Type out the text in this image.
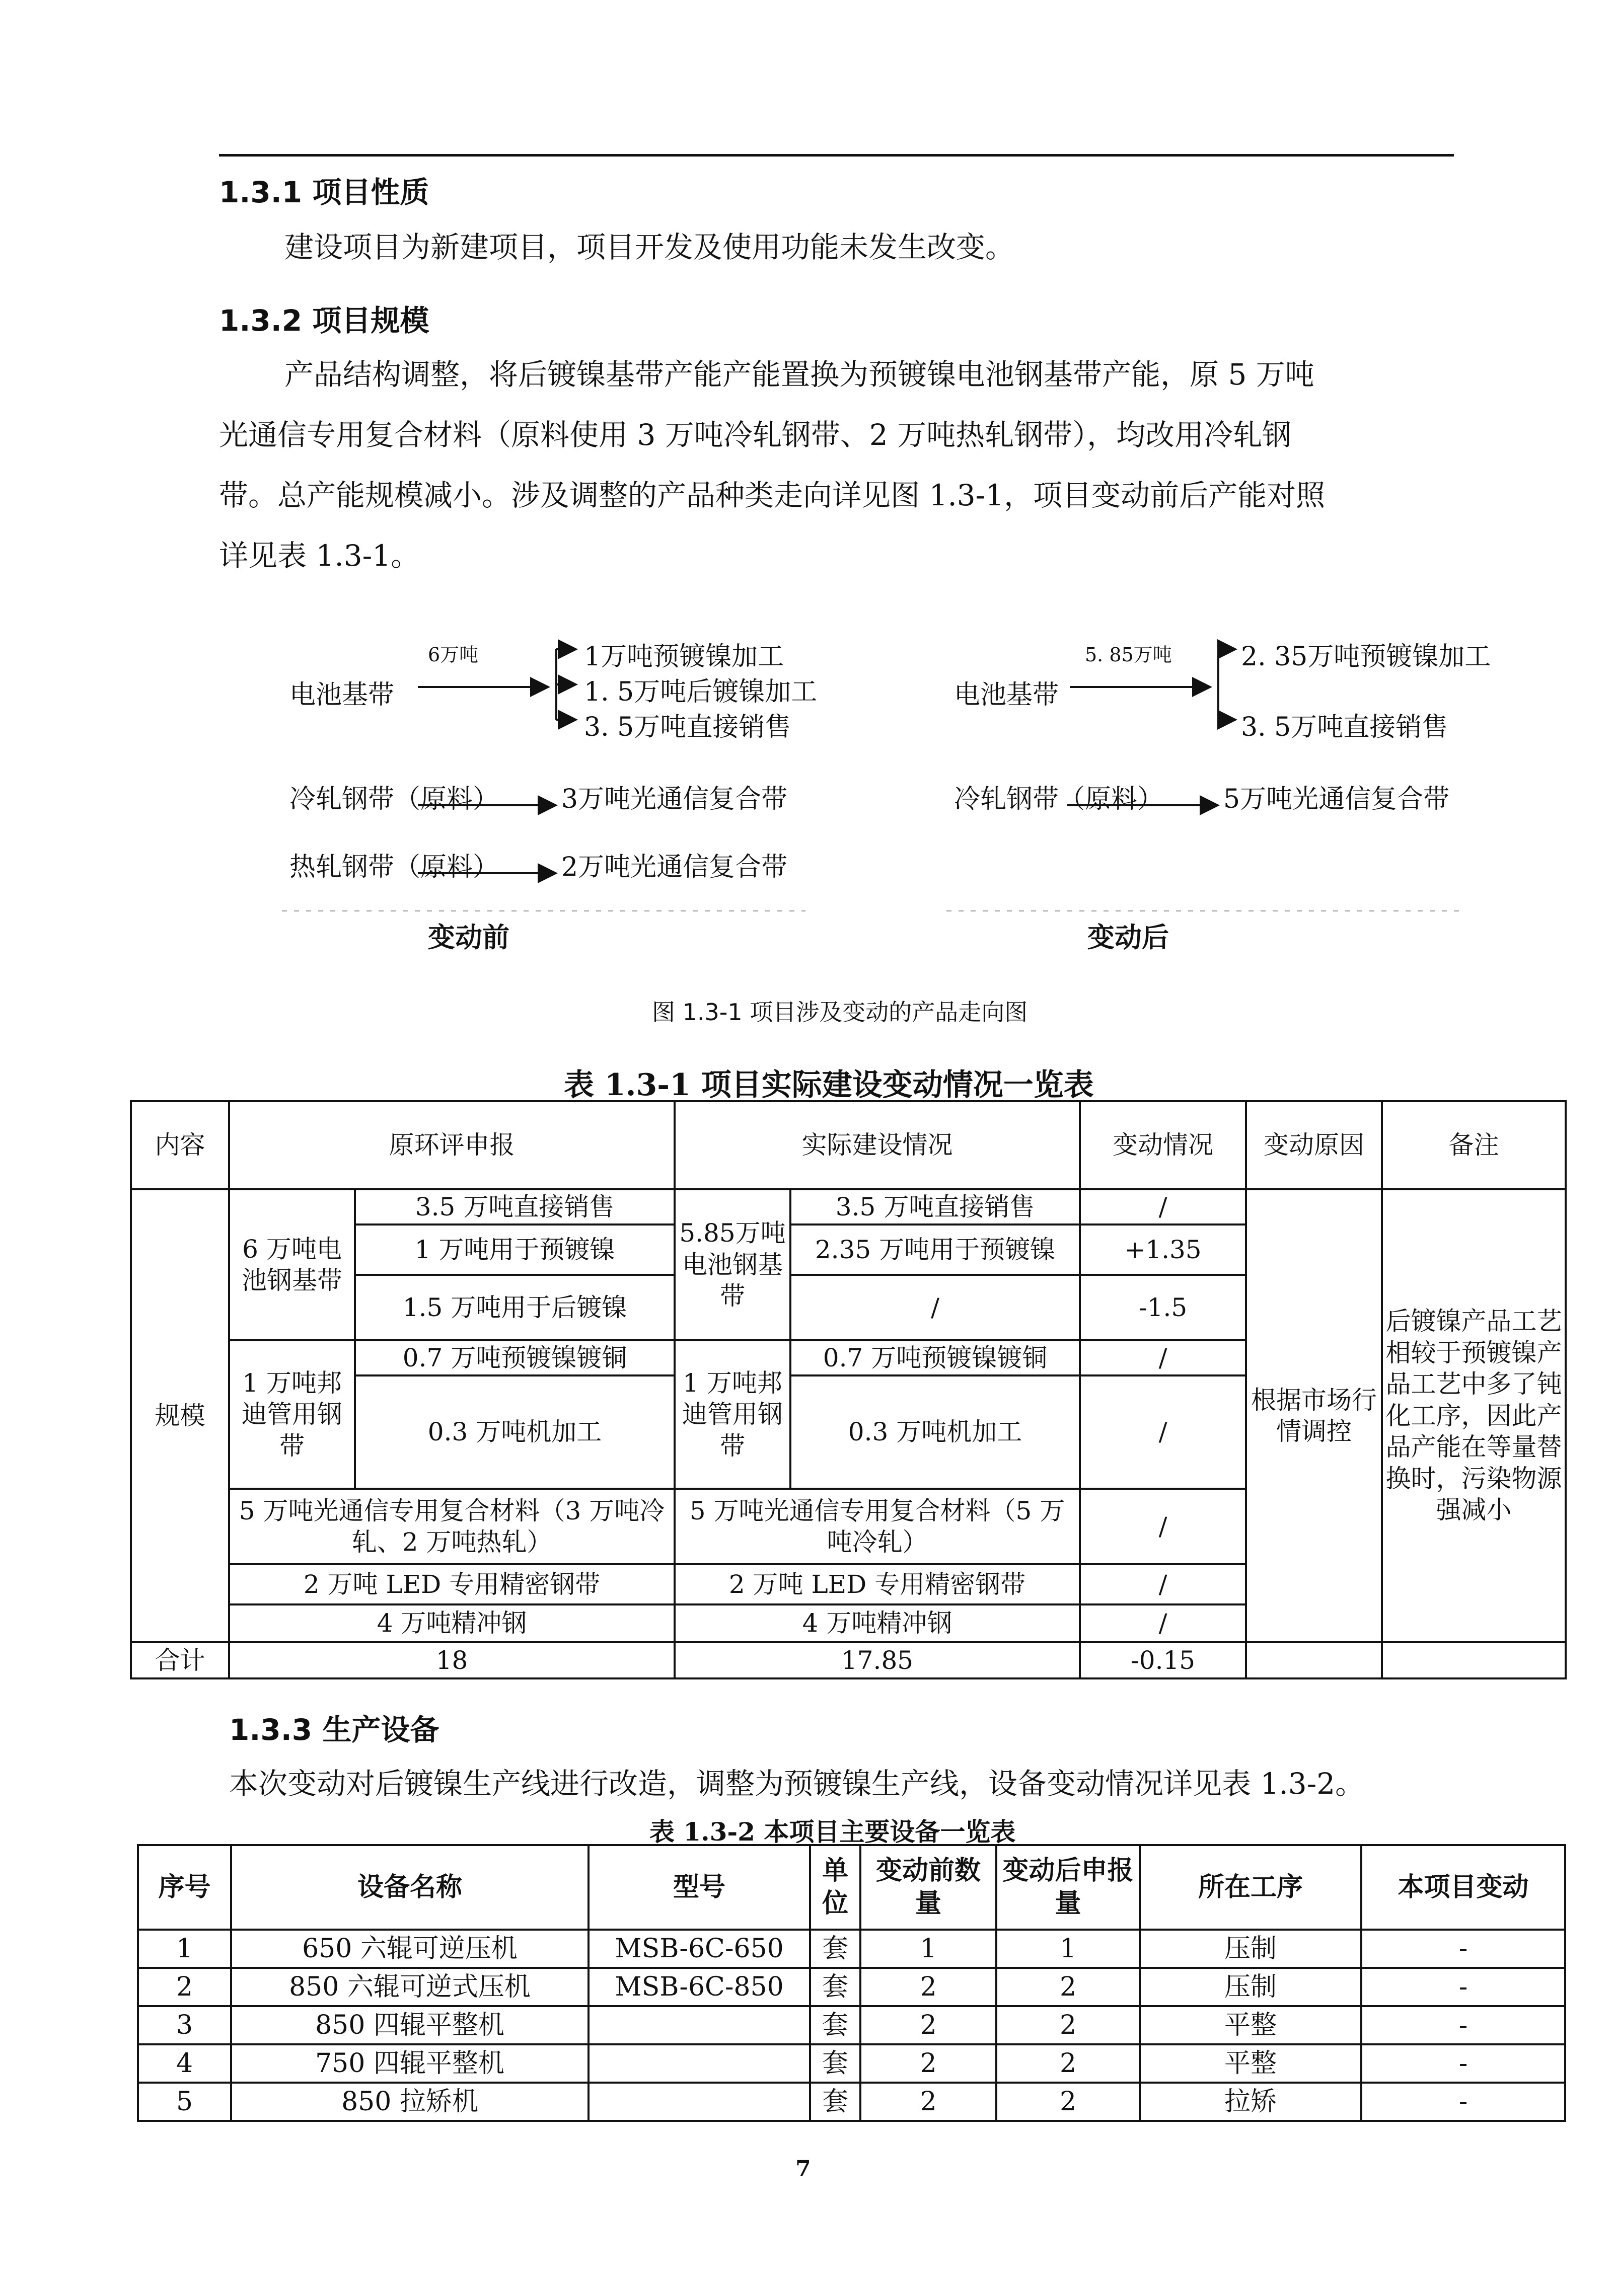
1.3.1 项目性质
建设项目为新建项目，项目开发及使用功能未发生改变。
1.3.2 项目规模
产品结构调整，将后镀镍基带产能产能置换为预镀镍电池钢基带产能，原 5 万吨
光通信专用复合材料（原料使用 3 万吨冷轧钢带、2 万吨热轧钢带），均改用冷轧钢
带。总产能规模减小。涉及调整的产品种类走向详见图 1.3-1，项目变动前后产能对照
详见表 1.3-1。
6万吨
电池基带
1万吨预镀镍加工
1. 5万吨后镀镍加工
3. 5万吨直接销售
冷轧钢带（原料） 3万吨光通信复合带
热轧钢带（原料） 2万吨光通信复合带
变动前
5. 85万吨
电池基带
2. 35万吨预镀镍加工
3. 5万吨直接销售
冷轧钢带（原料） 5万吨光通信复合带
变动后
图 1.3-1 项目涉及变动的产品走向图
表 1.3-1 项目实际建设变动情况一览表
内容	原环评申报		实际建设情况		变动情况	变动原因	备注
规模	6 万吨电池钢基带	3.5 万吨直接销售	5.85万吨电池钢基带	3.5 万吨直接销售	/	根据市场行情调控	后镀镍产品工艺相较于预镀镍产品工艺中多了钝化工序，因此产品产能在等量替换时，污染物源强减小
		1 万吨用于预镀镍		2.35 万吨用于预镀镍	+1.35		
		1.5 万吨用于后镀镍		/	-1.5		
	1 万吨邦迪管用钢带	0.7 万吨预镀镍镀铜	1 万吨邦迪管用钢带	0.7 万吨预镀镍镀铜	/		
		0.3 万吨机加工		0.3 万吨机加工	/		
	5 万吨光通信专用复合材料（3 万吨冷轧、2 万吨热轧）		5 万吨光通信专用复合材料（5 万吨冷轧）		/		
	2 万吨 LED 专用精密钢带		2 万吨 LED 专用精密钢带		/		
	4 万吨精冲钢		4 万吨精冲钢		/		

合计	18		17.85		-0.15		
1.3.3 生产设备
本次变动对后镀镍生产线进行改造，调整为预镀镍生产线，设备变动情况详见表 1.3-2。
表 1.3-2 本项目主要设备一览表
序号	设备名称	型号	单位	变动前数量	变动后申报量	所在工序	本项目变动
1	650 六辊可逆压机	MSB-6C-650	套	1	1	压制	-
2	850 六辊可逆式压机	MSB-6C-850	套	2	2	压制	-
3	850 四辊平整机		套	2	2	平整	-
4	750 四辊平整机		套	2	2	平整	-
5	850 拉矫机		套	2	2	拉矫	-
7
